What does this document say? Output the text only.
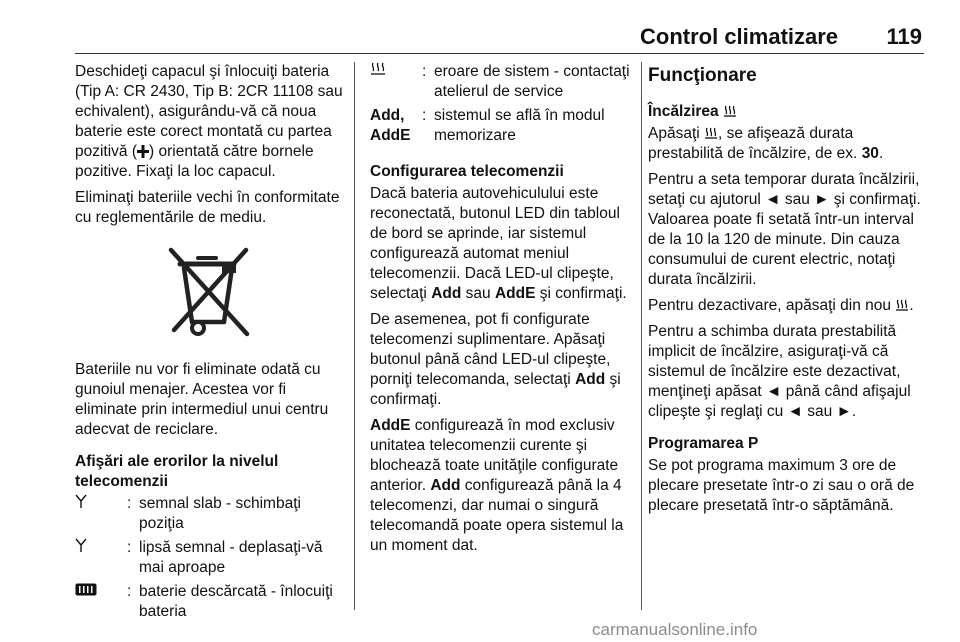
Control climatizare 119

Deschideţi capacul şi înlocuiţi bateria (Tip A: CR 2430, Tip B: 2CR 11108 sau echivalent), asigurându-vă că noua baterie este corect montată cu partea pozitivă ( ) orientată către bornele pozitive. Fixaţi la loc capacul.

Eliminaţi bateriile vechi în conformitate cu reglementările de mediu.

Bateriile nu vor fi eliminate odată cu gunoiul menajer. Acestea vor fi eliminate prin intermediul unui centru adecvat de reciclare.

Afişări ale erorilor la nivelul telecomenzii

: semnal slab - schimbaţi poziţia
: lipsă semnal - deplasaţi-vă mai aproape
: baterie descărcată - înlocuiţi bateria
: eroare de sistem - contactaţi atelierul de service
Add, AddE
: sistemul se află în modul memorizare

Configurarea telecomenzii

Dacă bateria autovehiculului este reconectată, butonul LED din tabloul de bord se aprinde, iar sistemul configurează automat meniul telecomenzii. Dacă LED-ul clipeşte, selectaţi Add sau AddE şi confirmaţi.

De asemenea, pot fi configurate telecomenzi suplimentare. Apăsaţi butonul până când LED-ul clipeşte, porniţi telecomanda, selectaţi Add şi confirmaţi.

AddE configurează în mod exclusiv unitatea telecomenzii curente şi blochează toate unităţile configurate anterior. Add configurează până la 4 telecomenzi, dar numai o singură telecomandă poate opera sistemul la un moment dat.

Funcţionare

Încălzirea

Apăsaţi , se afişează durata prestabilită de încălzire, de ex. 30.

Pentru a seta temporar durata încălzirii, setaţi cu ajutorul ◄ sau ► şi confirmaţi. Valoarea poate fi setată într-un interval de la 10 la 120 de minute. Din cauza consumului de curent electric, notaţi durata încălzirii.

Pentru dezactivare, apăsaţi din nou .

Pentru a schimba durata prestabilită implicit de încălzire, asiguraţi-vă că sistemul de încălzire este dezactivat, menţineţi apăsat ◄ până când afişajul clipeşte şi reglaţi cu ◄ sau ►.

Programarea P

Se pot programa maximum 3 ore de plecare presetate într-o zi sau o oră de plecare presetată într-o săptămână.

carmanualsonline.info
